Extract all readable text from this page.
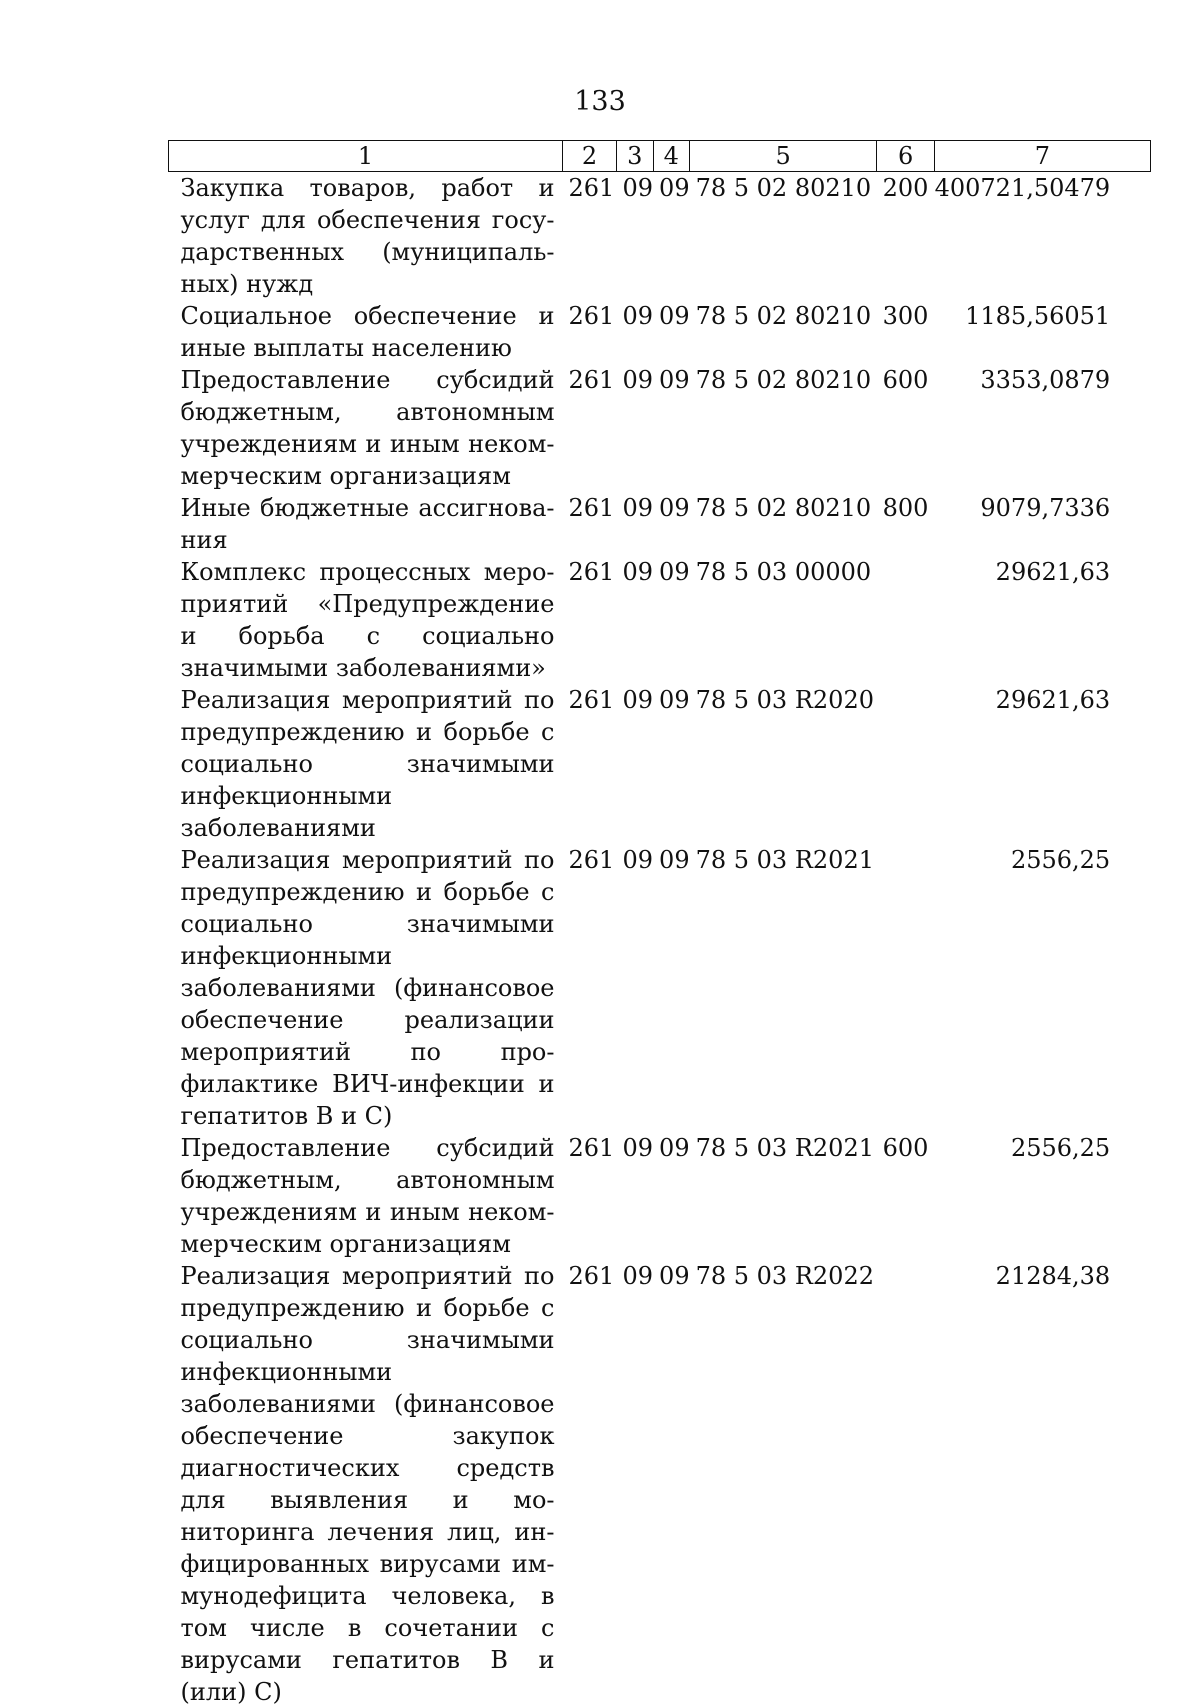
133
1	2	3	4	5	6	7
Закупка товаров, работ и услуг для обеспечения государственных (муниципальных) нужд	261	09	09	78 5 02 80210	200	400721,50479
Социальное обеспечение и иные выплаты населению	261	09	09	78 5 02 80210	300	1185,56051
Предоставление субсидий бюджетным, автономным учреждениям и иным некоммерческим организациям	261	09	09	78 5 02 80210	600	3353,0879
Иные бюджетные ассигнования	261	09	09	78 5 02 80210	800	9079,7336
Комплекс процессных мероприятий «Предупреждение и борьба с социально значимыми заболеваниями»	261	09	09	78 5 03 00000		29621,63
Реализация мероприятий по предупреждению и борьбе с социально значимыми инфекционными заболеваниями	261	09	09	78 5 03 R2020		29621,63
Реализация мероприятий по предупреждению и борьбе с социально значимыми инфекционными заболеваниями (финансовое обеспечение реализации мероприятий по профилактике ВИЧ-инфекции и гепатитов В и С)	261	09	09	78 5 03 R2021		2556,25
Предоставление субсидий бюджетным, автономным учреждениям и иным некоммерческим организациям	261	09	09	78 5 03 R2021	600	2556,25
Реализация мероприятий по предупреждению и борьбе с социально значимыми инфекционными заболеваниями (финансовое обеспечение закупок диагностических средств для выявления и мониторинга лечения лиц, инфицированных вирусами иммунодефицита человека, в том числе в сочетании с вирусами гепатитов В и (или) С)	261	09	09	78 5 03 R2022		21284,38
